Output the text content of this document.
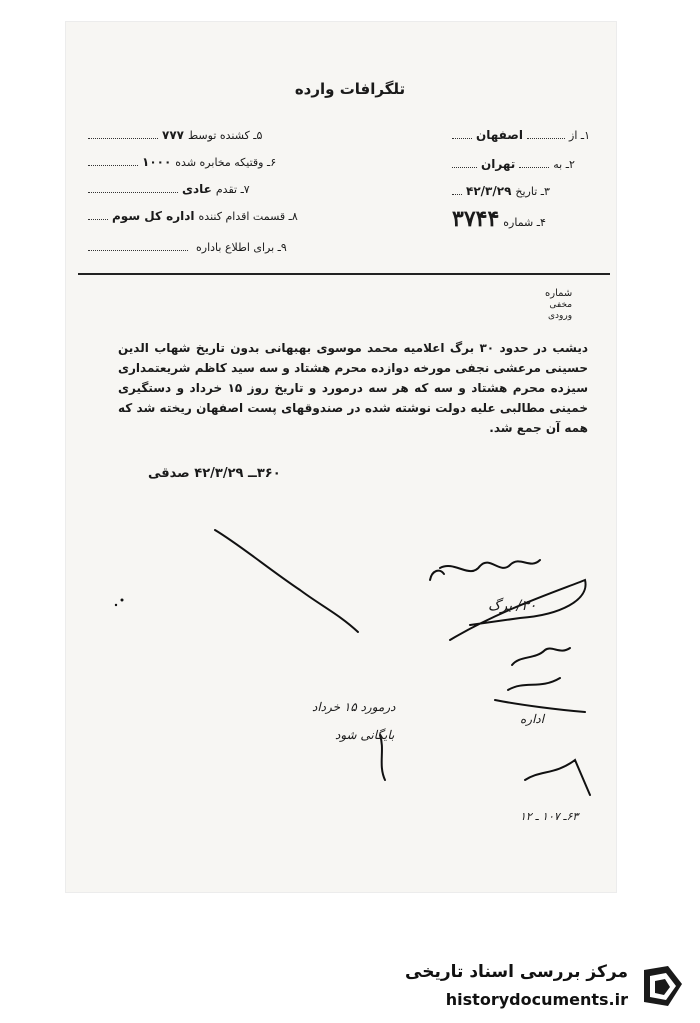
تلگرافات وارده
۵ـ کشنده توسط
۷۷۷
۶ـ وقتیکه مخابره شده
۱۰۰۰
۷ـ تقدم
عادی
۸ـ قسمت اقدام کننده
اداره کل سوم
۹ـ برای اطلاع باداره
۱ـ از
اصفهان
۲ـ به
تهران
۳ـ تاریخ
۴۲/۳/۲۹
۴ـ شماره
۳۷۴۴
شماره
مخفی
ورودی
دیشب در حدود ۳۰ برگ اعلامیه محمد موسوی بهبهانی بدون تاریخ شهاب الدین حسینی مرعشی نجفی مورخه دوازده محرم هشتاد و سه سید کاظم شریعتمداری سیزده محرم هشتاد و سه که هر سه درمورد و تاریخ روز ۱۵ خرداد و دستگیری خمینی مطالبی علیه دولت نوشته شده در صندوقهای پست اصفهان ریخته شد که همه آن جمع شد.
۳۶۰ــ ۴۲/۳/۲۹ صدقی
۳۰/ برگ
درمورد ۱۵ خرداد
بایگانی شود
اداره
۶۳ـ ۱۰۷ ـ ۱۲
مرکز بررسی اسناد تاریخی
historydocuments.ir
